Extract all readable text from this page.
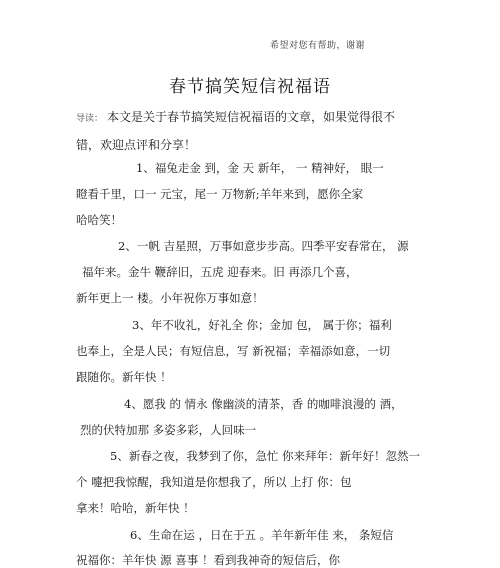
希望对您有帮助，谢谢
春节搞笑短信祝福语
导读： 本文是关于春节搞笑短信祝福语的文章，如果觉得很不错，欢迎点评和分享！
1、福兔走金 到，金 天 新年， 一 精神好， 眼一
瞪看千里，口一 元宝，尾一 万物新;羊年来到，愿你全家
哈哈笑！
2、一帆 吉星照，万事如意步步高。四季平安春常在， 源
福年来。金牛 鞭辞旧，五虎 迎春来。旧 再添几个喜，
新年更上一 楼。小年祝你万事如意！
3、年不收礼，好礼全 你；金加 包， 属于你；福利
也奉上，全是人民；有短信息，写 新祝福；幸福添如意，一切
跟随你。新年快 ！
4、愿我 的 情永 像幽淡的清茶，香 的咖啡浪漫的 酒，
烈的伏特加那 多姿多彩，人回味一
5、新春之夜，我梦到了你，急忙 你来拜年：新年好！忽然一
个 嚏把我惊醒，我知道是你想我了，所以 上打 你：包
拿来！哈哈，新年快 ！
6、生命在运 ，日在于五 。羊年新年佳 来， 条短信
祝福你：羊年快 源 喜事 ！看到我神奇的短信后，你
